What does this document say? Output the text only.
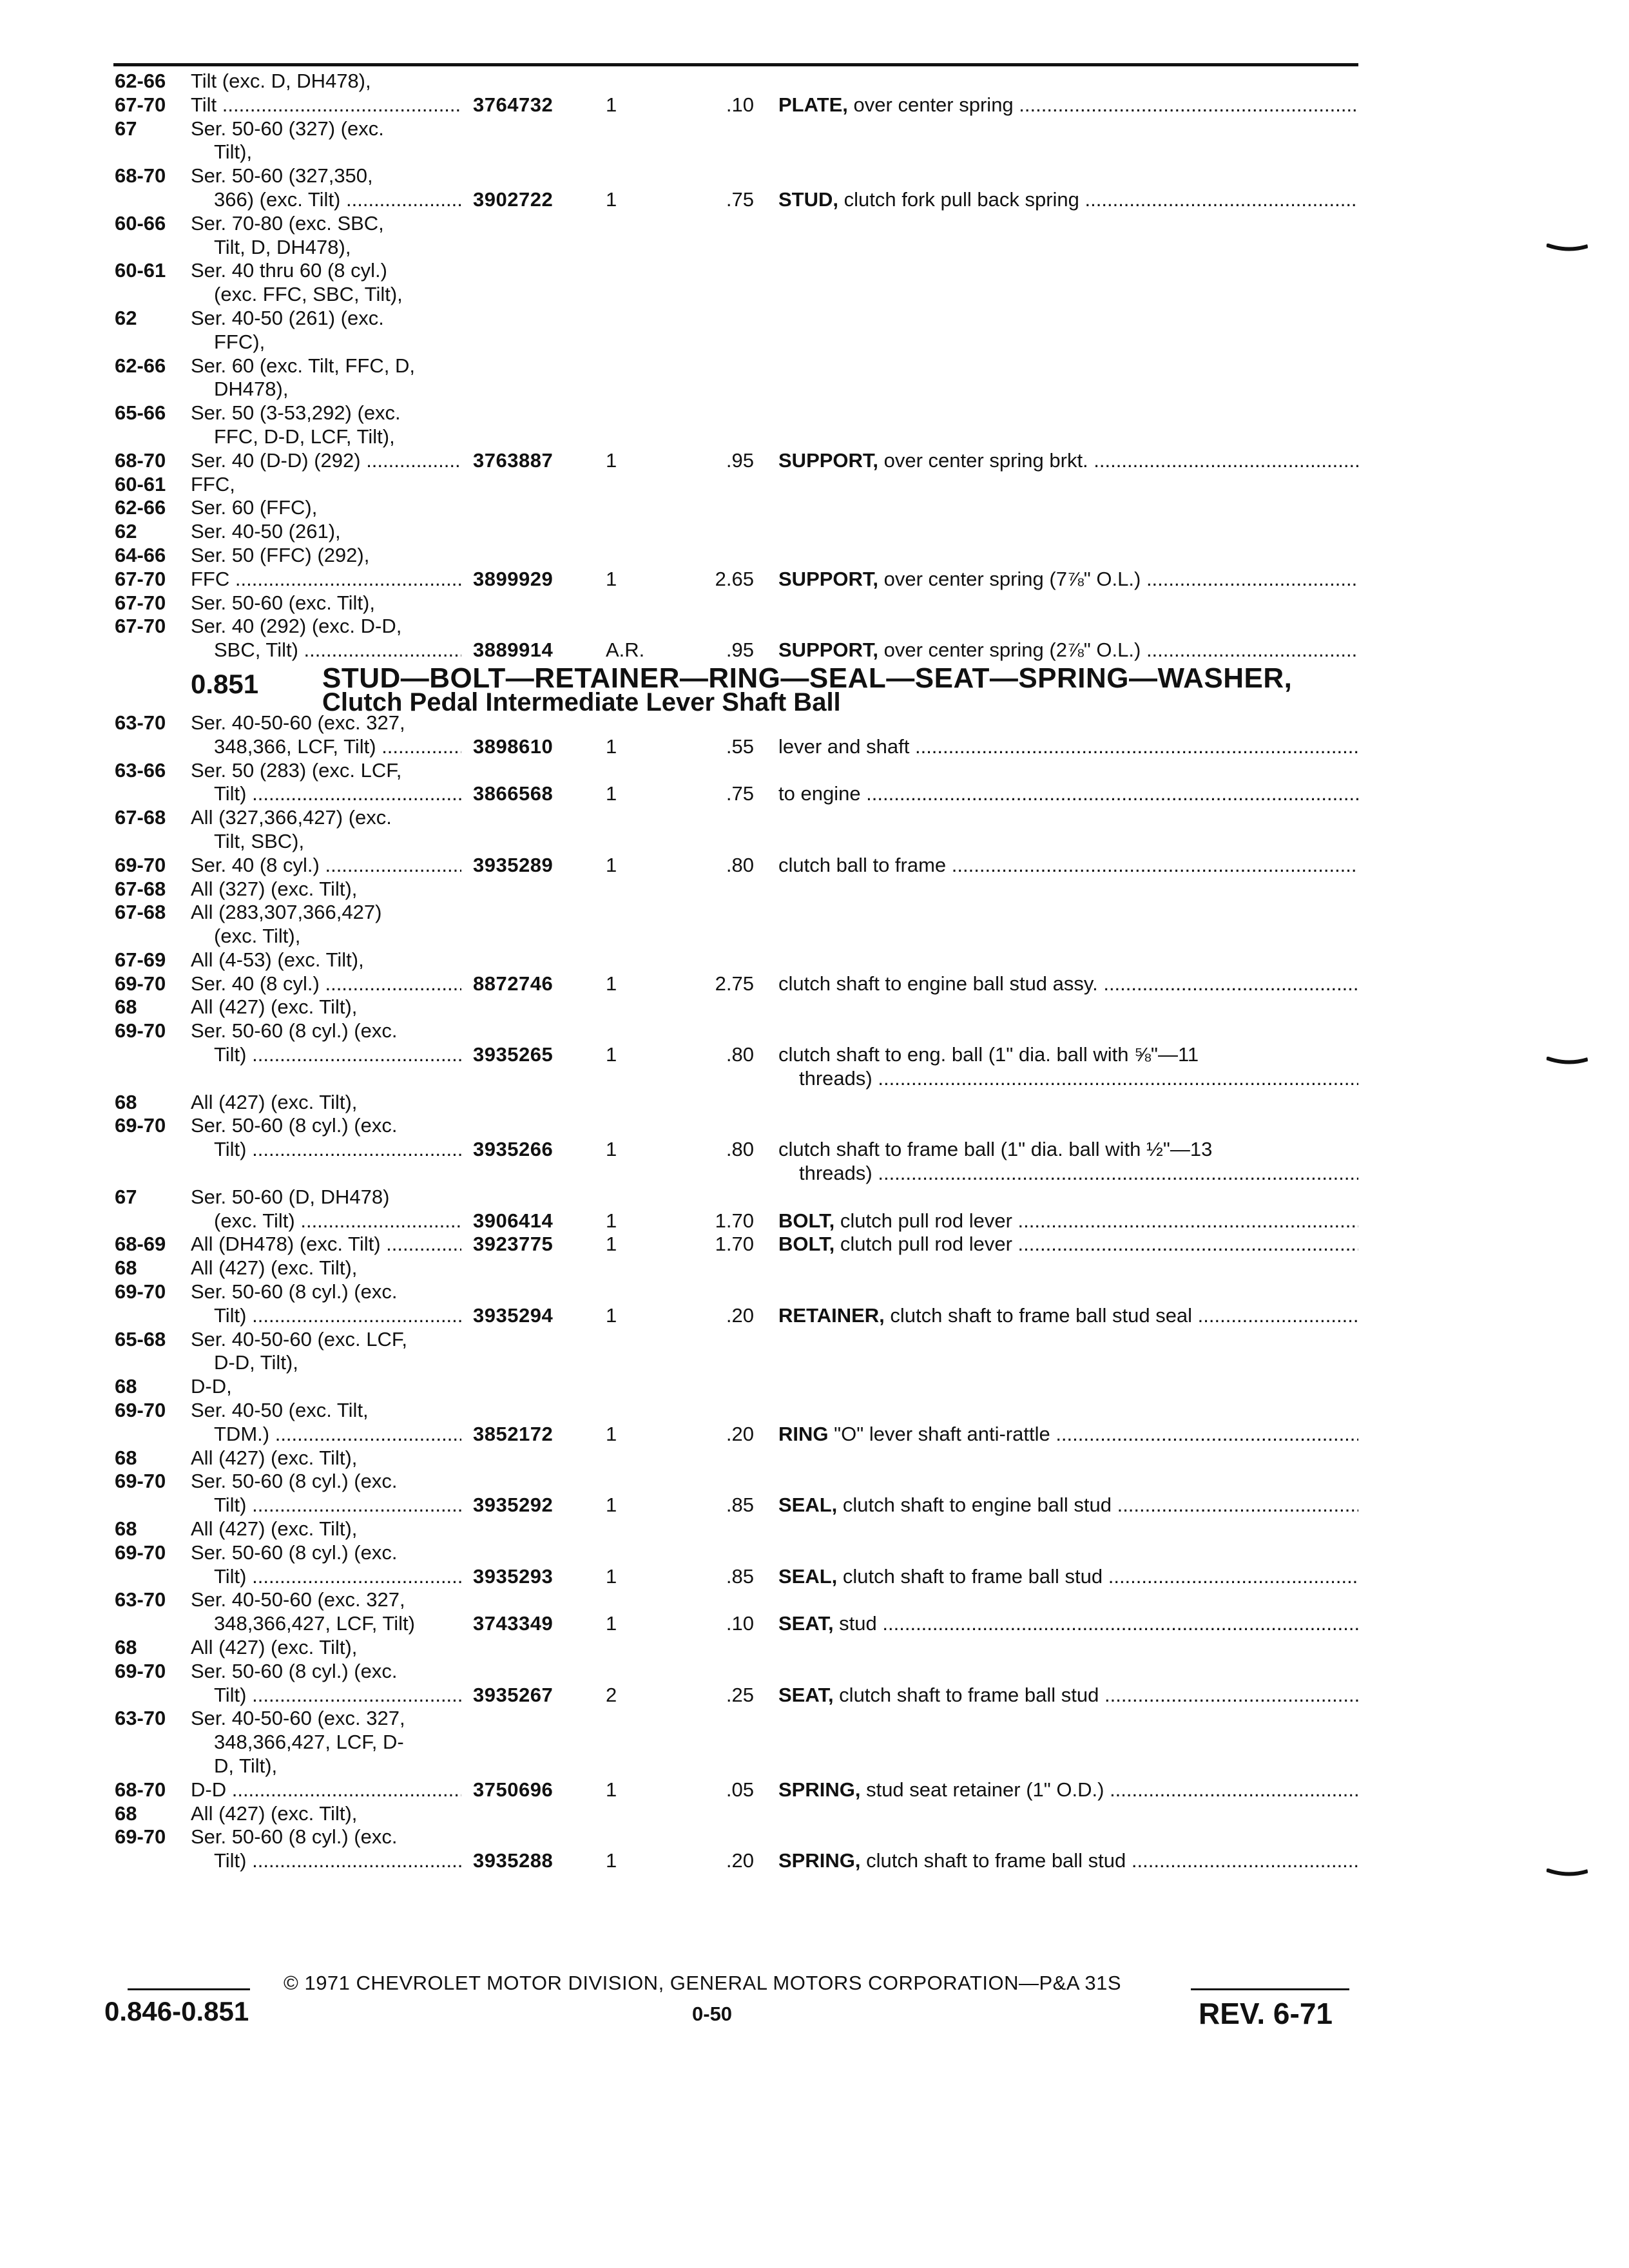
62-66	Tilt (exc. D, DH478),
67-70	Tilt .....	3764732	1	.10 PLATE, over center spring .....
67	Ser. 50-60 (327) (exc.
Tilt),
68-70	Ser. 50-60 (327,350,
366) (exc. Tilt) .....	3902722	1	.75 STUD, clutch fork pull back spring .....
60-66	Ser. 70-80 (exc. SBC,
Tilt, D, DH478),
60-61	Ser. 40 thru 60 (8 cyl.)
(exc. FFC, SBC, Tilt),
62	Ser. 40-50 (261) (exc.
FFC),
62-66	Ser. 60 (exc. Tilt, FFC, D,
DH478),
65-66	Ser. 50 (3-53,292) (exc.
FFC, D-D, LCF, Tilt),
68-70	Ser. 40 (D-D) (292) .....	3763887	1	.95 SUPPORT, over center spring brkt. .....
60-61	FFC,
62-66	Ser. 60 (FFC),
62	Ser. 40-50 (261),
64-66	Ser. 50 (FFC) (292),
67-70	FFC .....	3899929	1	2.65 SUPPORT, over center spring (7⅞" O.L.) .....
67-70	Ser. 50-60 (exc. Tilt),
67-70	Ser. 40 (292) (exc. D-D,
SBC, Tilt) .....	3889914	A.R.	.95 SUPPORT, over center spring (2⅞" O.L.) .....
0.851 STUD—BOLT—RETAINER—RING—SEAL—SEAT—SPRING—WASHER,
Clutch Pedal Intermediate Lever Shaft Ball
63-70	Ser. 40-50-60 (exc. 327,
348,366, LCF, Tilt) .....	3898610	1	.55 lever and shaft .....
63-66	Ser. 50 (283) (exc. LCF,
Tilt) .....	3866568	1	.75 to engine .....
67-68	All (327,366,427) (exc.
Tilt, SBC),
69-70	Ser. 40 (8 cyl.) .....	3935289	1	.80 clutch ball to frame .....
67-68	All (327) (exc. Tilt),
67-68	All (283,307,366,427)
(exc. Tilt),
67-69	All (4-53) (exc. Tilt),
69-70	Ser. 40 (8 cyl.) .....	8872746	1	2.75 clutch shaft to engine ball stud assy. .....
68	All (427) (exc. Tilt),
69-70	Ser. 50-60 (8 cyl.) (exc.
Tilt) .....	3935265	1	.80 clutch shaft to eng. ball (1" dia. ball with ⅝"—11
threads) .....
68	All (427) (exc. Tilt),
69-70	Ser. 50-60 (8 cyl.) (exc.
Tilt) .....	3935266	1	.80 clutch shaft to frame ball (1" dia. ball with ½"—13
threads) .....
67	Ser. 50-60 (D, DH478)
(exc. Tilt) .....	3906414	1	1.70 BOLT, clutch pull rod lever .....
68-69	All (DH478) (exc. Tilt) .....	3923775	1	1.70 BOLT, clutch pull rod lever .....
68	All (427) (exc. Tilt),
69-70	Ser. 50-60 (8 cyl.) (exc.
Tilt) .....	3935294	1	.20 RETAINER, clutch shaft to frame ball stud seal .....
65-68	Ser. 40-50-60 (exc. LCF,
D-D, Tilt),
68	D-D,
69-70	Ser. 40-50 (exc. Tilt,
TDM.) .....	3852172	1	.20 RING "O" lever shaft anti-rattle .....
68	All (427) (exc. Tilt),
69-70	Ser. 50-60 (8 cyl.) (exc.
Tilt) .....	3935292	1	.85 SEAL, clutch shaft to engine ball stud .....
68	All (427) (exc. Tilt),
69-70	Ser. 50-60 (8 cyl.) (exc.
Tilt) .....	3935293	1	.85 SEAL, clutch shaft to frame ball stud .....
63-70	Ser. 40-50-60 (exc. 327,
348,366,427, LCF, Tilt)	3743349	1	.10 SEAT, stud .....
68	All (427) (exc. Tilt),
69-70	Ser. 50-60 (8 cyl.) (exc.
Tilt) .....	3935267	2	.25 SEAT, clutch shaft to frame ball stud .....
63-70	Ser. 40-50-60 (exc. 327,
348,366,427, LCF, D-
D, Tilt),
68-70	D-D .....	3750696	1	.05 SPRING, stud seat retainer (1" O.D.) .....
68	All (427) (exc. Tilt),
69-70	Ser. 50-60 (8 cyl.) (exc.
Tilt) .....	3935288	1	.20 SPRING, clutch shaft to frame ball stud .....
© 1971 CHEVROLET MOTOR DIVISION, GENERAL MOTORS CORPORATION—P&A 31S
0.846-0.851	0-50	REV. 6-71
